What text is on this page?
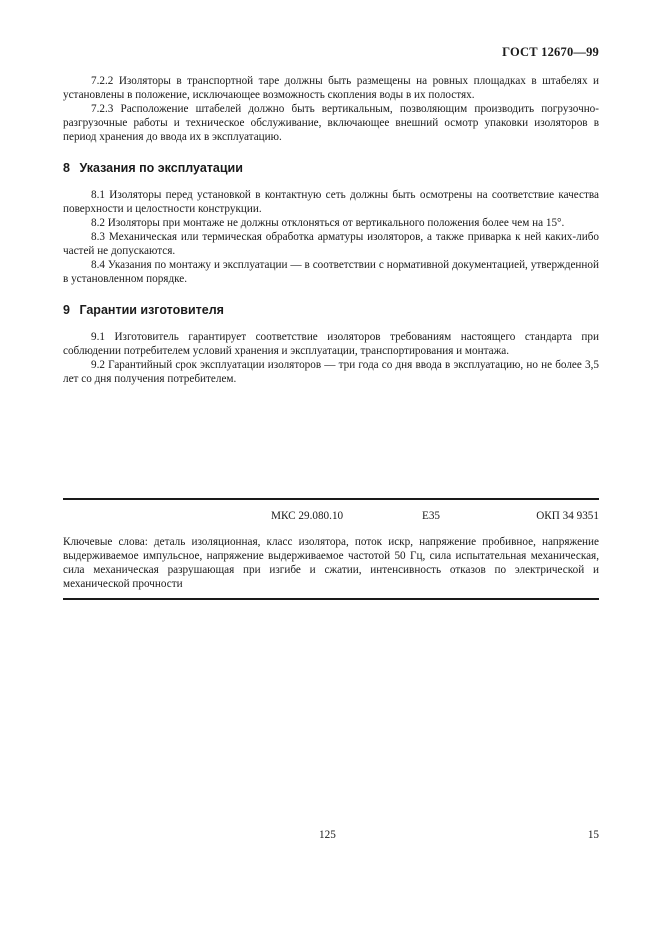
ГОСТ 12670—99

7.2.2 Изоляторы в транспортной таре должны быть размещены на ровных площадках в штабелях и установлены в положение, исключающее возможность скопления воды в их полостях.

7.2.3 Расположение штабелей должно быть вертикальным, позволяющим производить погрузочно-разгрузочные работы и техническое обслуживание, включающее внешний осмотр упаковки изоляторов в период хранения до ввода их в эксплуатацию.

8 Указания по эксплуатации

8.1 Изоляторы перед установкой в контактную сеть должны быть осмотрены на соответствие качества поверхности и целостности конструкции.

8.2 Изоляторы при монтаже не должны отклоняться от вертикального положения более чем на 15°.

8.3 Механическая или термическая обработка арматуры изоляторов, а также приварка к ней каких-либо частей не допускаются.

8.4 Указания по монтажу и эксплуатации — в соответствии с нормативной документацией, утвержденной в установленном порядке.

9 Гарантии изготовителя

9.1 Изготовитель гарантирует соответствие изоляторов требованиям настоящего стандарта при соблюдении потребителем условий хранения и эксплуатации, транспортирования и монтажа.

9.2 Гарантийный срок эксплуатации изоляторов — три года со дня ввода в эксплуатацию, но не более 3,5 лет со дня получения потребителем.

МКС 29.080.10	Е35	ОКП 34 9351
Ключевые слова: деталь изоляционная, класс изолятора, поток искр, напряжение пробивное, напряжение выдерживаемое импульсное, напряжение выдерживаемое частотой 50 Гц, сила испытательная механическая, сила механическая разрушающая при изгибе и сжатии, интенсивность отказов по электрической и механической прочности
125	15
